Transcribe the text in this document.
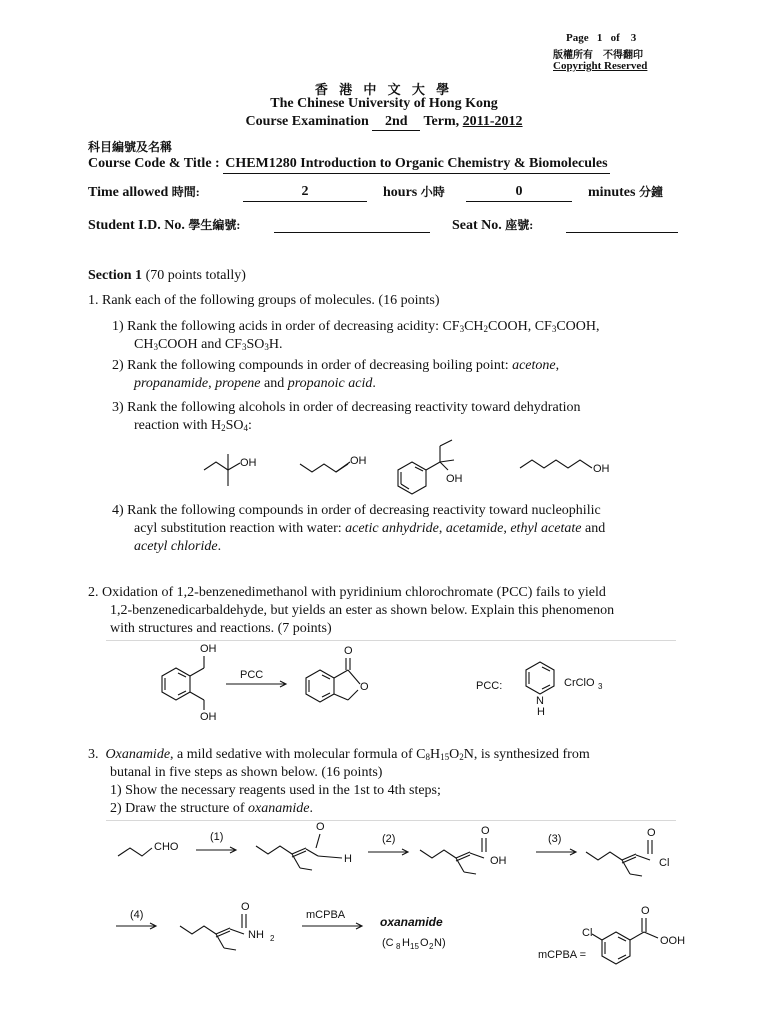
Page 1 of 3
版權所有　不得翻印
Copyright Reserved
香 港 中 文 大 學
The Chinese University of Hong Kong
Course Examination 2nd Term, 2011-2012
科目編號及名稱
Course Code & Title : CHEM1280 Introduction to Organic Chemistry & Biomolecules
Time allowed 時間:	2	hours 小時	0	minutes 分鐘
Student I.D. No. 學生編號:	Seat No. 座號:
Section 1 (70 points totally)
1. Rank each of the following groups of molecules. (16 points)
1) Rank the following acids in order of decreasing acidity: $CF_3CH_2COOH$, $CF_3COOH$,
$CH_3COOH$ and $CF_3SO_3H$.
2) Rank the following compounds in order of decreasing boiling point: acetone,
propanamide, propene and propanoic acid.
3) Rank the following alcohols in order of decreasing reactivity toward dehydration
reaction with $H_2SO_4$:
OH	OH
OH
OH
4) Rank the following compounds in order of decreasing reactivity toward nucleophilic
acyl substitution reaction with water: acetic anhydride, acetamide, ethyl acetate and
acetyl chloride.
2. Oxidation of 1,2-benzenedimethanol with pyridinium chlorochromate (PCC) fails to yield
1,2-benzenedicarbaldehyde, but yields an ester as shown below. Explain this phenomenon
with structures and reactions. (7 points)
OH
OH
PCC
O
O
PCC:
N
H
CrClO 3
3. Oxanamide, a mild sedative with molecular formula of $C_8H_{15}O_2N$, is synthesized from
butanal in five steps as shown below. (16 points)
1) Show the necessary reagents used in the 1st to 4th steps;
2) Draw the structure of oxanamide.
CHO
(1)
O
H
(2)
O
OH
(3)	O
Cl
(4)
O
NH 2
mCPBA	oxanamide
(C 8 H 15 O 2 N)
mCPBA =
Cl
O
OOH
